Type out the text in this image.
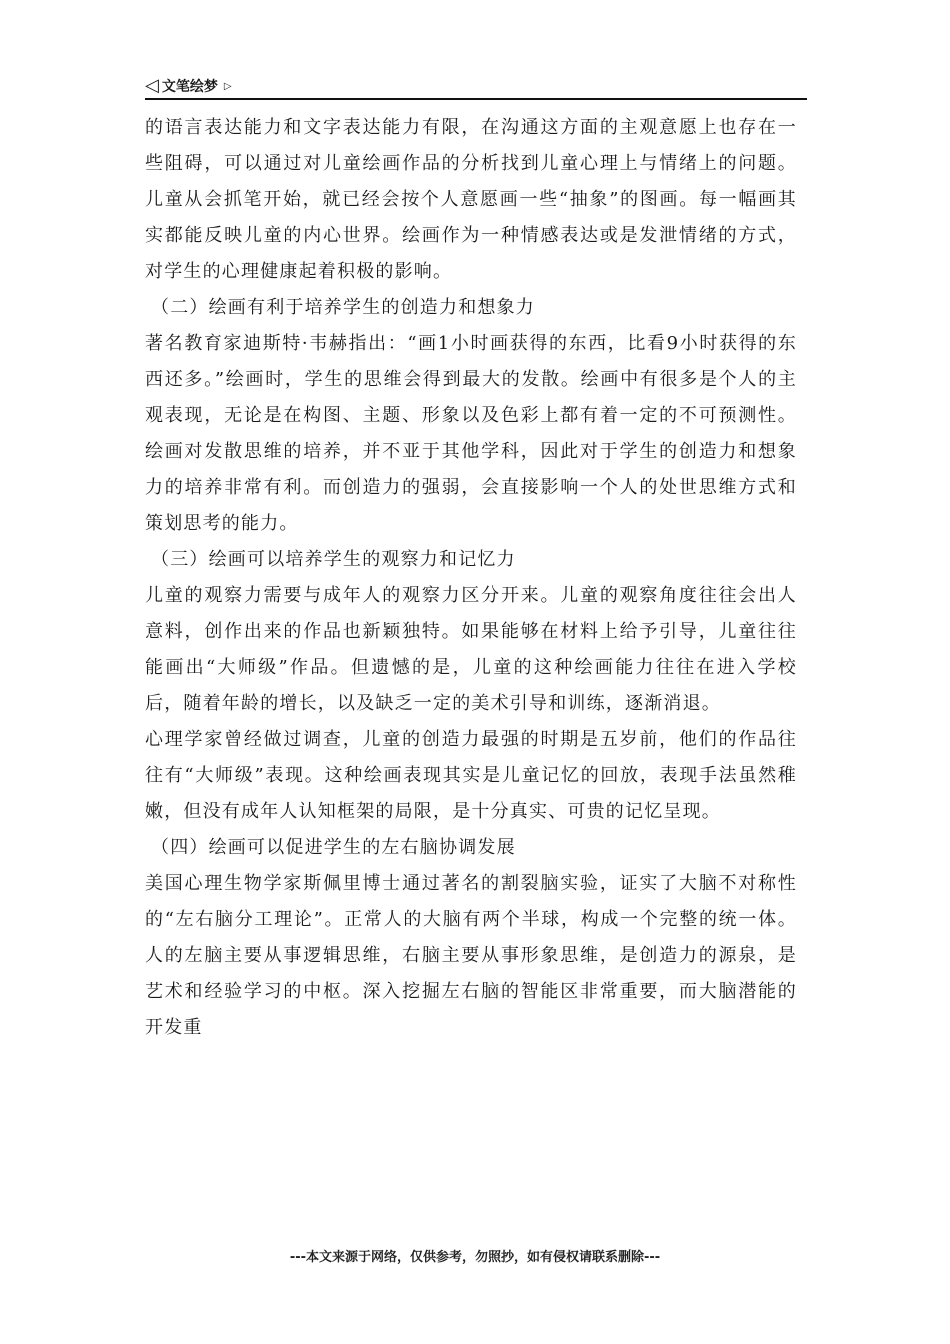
◁ 文笔绘梦 ▷

的语言表达能力和文字表达能力有限，在沟通这方面的主观意愿上也存在一些阻碍，可以通过对儿童绘画作品的分析找到儿童心理上与情绪上的问题。儿童从会抓笔开始，就已经会按个人意愿画一些“抽象”的图画。每一幅画其实都能反映儿童的内心世界。绘画作为一种情感表达或是发泄情绪的方式，对学生的心理健康起着积极的影响。

（二）绘画有利于培养学生的创造力和想象力

著名教育家迪斯特·韦赫指出：“画1小时画获得的东西，比看9小时获得的东西还多。”绘画时，学生的思维会得到最大的发散。绘画中有很多是个人的主观表现，无论是在构图、主题、形象以及色彩上都有着一定的不可预测性。绘画对发散思维的培养，并不亚于其他学科，因此对于学生的创造力和想象力的培养非常有利。而创造力的强弱，会直接影响一个人的处世思维方式和策划思考的能力。

（三）绘画可以培养学生的观察力和记忆力

儿童的观察力需要与成年人的观察力区分开来。儿童的观察角度往往会出人意料，创作出来的作品也新颖独特。如果能够在材料上给予引导，儿童往往能画出“大师级”作品。但遗憾的是，儿童的这种绘画能力往往在进入学校后，随着年龄的增长，以及缺乏一定的美术引导和训练，逐渐消退。

心理学家曾经做过调查，儿童的创造力最强的时期是五岁前，他们的作品往往有“大师级”表现。这种绘画表现其实是儿童记忆的回放，表现手法虽然稚嫩，但没有成年人认知框架的局限，是十分真实、可贵的记忆呈现。

（四）绘画可以促进学生的左右脑协调发展

美国心理生物学家斯佩里博士通过著名的割裂脑实验，证实了大脑不对称性的“左右脑分工理论”。正常人的大脑有两个半球，构成一个完整的统一体。人的左脑主要从事逻辑思维，右脑主要从事形象思维，是创造力的源泉，是艺术和经验学习的中枢。深入挖掘左右脑的智能区非常重要，而大脑潜能的开发重

---本文来源于网络，仅供参考，勿照抄，如有侵权请联系删除---
